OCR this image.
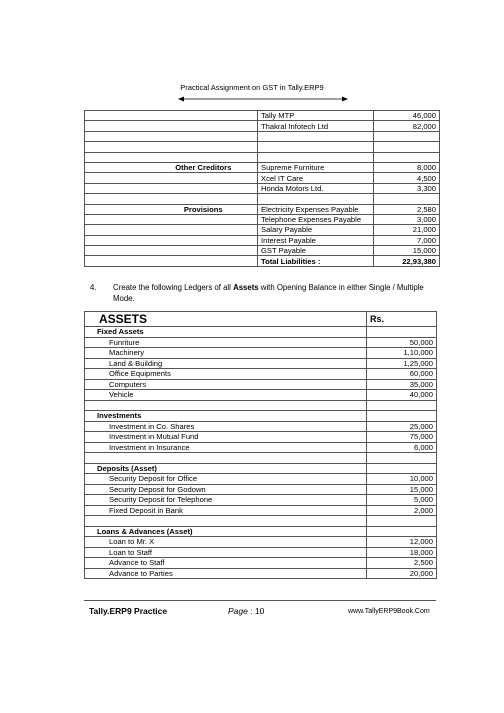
Practical Assignment on GST in Tally.ERP9
		Tally MTP	46,000
		Thakral Infotech Ltd	82,000

	Other Creditors	Supreme Furniture	8,000
		Xcel IT Care	4,500
		Honda Motors Ltd.	3,300

	Provisions	Electricity Expenses Payable	2,580
		Telephone Expenses Payable	3,000
		Salary Payable	21,000
		Interest Payable	7,000
		GST Payable	15,000
		Total Liabilities :	22,93,380
4. Create the following Ledgers of all Assets with Opening Balance in either Single / Multiple Mode.
ASSETS	Rs.
Fixed Assets	
Funriture	50,000
Machinery	1,10,000
Land & Building	1,25,000
Office Equipments	60,000
Computers	35,000
Vehicle	40,000

Investments	
Investment in Co. Shares	25,000
Investment in Mutual Fund	75,000
Investment in Insurance	6,000

Deposits (Asset)	
Security Deposit for Office	10,000
Security Deposit for Godown	15,000
Security Deposit for Telephone	5,000
Fixed Deposit in Bank	2,000

Loans & Advances (Asset)	
Loan to Mr. X	12,000
Loan to Staff	18,000
Advance to Staff	2,500
Advance to Parties	20,000
Tally.ERP9 Practice	Page : 10	www.TallyERP9Book.Com
